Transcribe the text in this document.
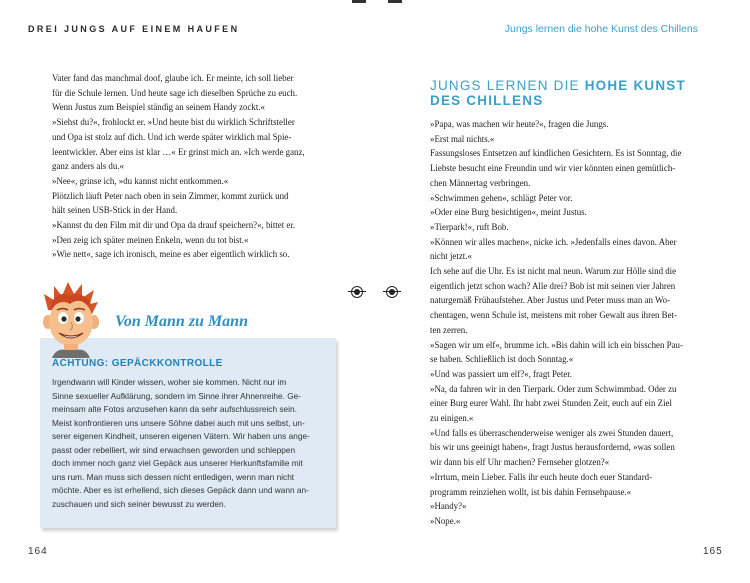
DREI JUNGS AUF EINEM HAUFEN	Jungs lernen die hohe Kunst des Chillens

Vater fand das manchmal doof, glaube ich. Er meinte, ich soll lieber

für die Schule lernen. Und heute sage ich dieselben Sprüche zu euch.

Wenn Justus zum Beispiel ständig an seinem Handy zockt.«

»Siehst du?«, frohlockt er. »Und heute bist du wirklich Schriftsteller

und Opa ist stolz auf dich. Und ich werde später wirklich mal Spie-

leentwickler. Aber eins ist klar …« Er grinst mich an. »Ich werde ganz,

ganz anders als du.«

»Nee«, grinse ich, »du kannst nicht entkommen.«

Plötzlich läuft Peter nach oben in sein Zimmer, kommt zurück und

hält seinen USB-Stick in der Hand.

»Kannst du den Film mit dir und Opa da drauf speichern?«, bittet er.

»Den zeig ich später meinen Enkeln, wenn du tot bist.«

»Wie nett«, sage ich ironisch, meine es aber eigentlich wirklich so.

Von Mann zu Mann
ACHTUNG: GEPÄCKKONTROLLE

Irgendwann will Kinder wissen, woher sie kommen. Nicht nur im

Sinne sexueller Aufklärung, sondern im Sinne ihrer Ahnenreihe. Ge-

meinsam alte Fotos anzusehen kann da sehr aufschlussreich sein.

Meist konfrontieren uns unsere Söhne dabei auch mit uns selbst, un-

serer eigenen Kindheit, unseren eigenen Vätern. Wir haben uns ange-

passt oder rebelliert, wir sind erwachsen geworden und schleppen

doch immer noch ganz viel Gepäck aus unserer Herkunftsfamilie mit

uns rum. Man muss sich dessen nicht entledigen, wenn man nicht

möchte. Aber es ist erhellend, sich dieses Gepäck dann und wann an-

zuschauen und sich seiner bewusst zu werden.

164
JUNGS LERNEN DIE HOHE KUNST
DES CHILLENS

»Papa, was machen wir heute?«, fragen die Jungs.

»Erst mal nichts.«

Fassungsloses Entsetzen auf kindlichen Gesichtern. Es ist Sonntag, die

Liebste besucht eine Freundin und wir vier könnten einen gemütlich-

chen Männertag verbringen.

»Schwimmen gehen«, schlägt Peter vor.

»Oder eine Burg besichtigen«, meint Justus.

»Tierpark!«, ruft Bob.

»Können wir alles machen«, nicke ich. »Jedenfalls eines davon. Aber

nicht jetzt.«

Ich sehe auf die Uhr. Es ist nicht mal neun. Warum zur Hölle sind die

eigentlich jetzt schon wach? Alle drei? Bob ist mit seinen vier Jahren

naturgemäß Frühaufsteher. Aber Justus und Peter muss man an Wo-

chentagen, wenn Schule ist, meistens mit roher Gewalt aus ihren Bet-

ten zerren.

»Sagen wir um elf«, brumme ich. »Bis dahin will ich ein bisschen Pau-

se haben. Schließlich ist doch Sonntag.«

»Und was passiert um elf?«, fragt Peter.

»Na, da fahren wir in den Tierpark. Oder zum Schwimmbad. Oder zu

einer Burg eurer Wahl. Ihr habt zwei Stunden Zeit, euch auf ein Ziel

zu einigen.«

»Und falls es überraschenderweise weniger als zwei Stunden dauert,

bis wir uns geeinigt haben«, fragt Justus herausfordernd, »was sollen

wir dann bis elf Uhr machen? Fernseher glotzen?«

»Irrtum, mein Lieber. Falls ihr euch heute doch euer Standard-

programm reinziehen wollt, ist bis dahin Fernsehpause.«

»Handy?«

»Nope.«

165
